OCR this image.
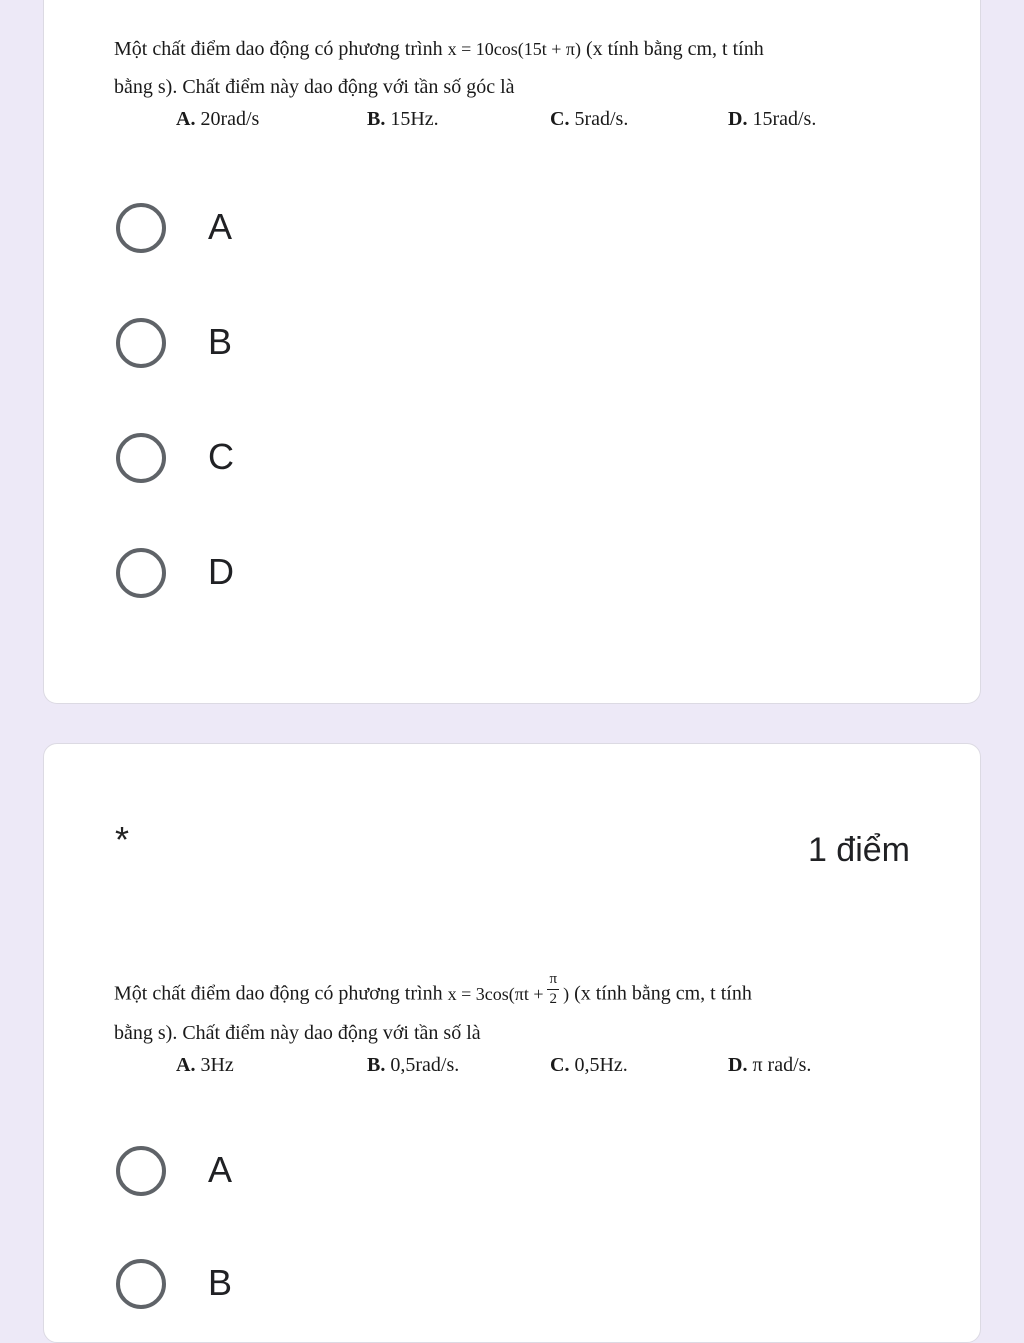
Một chất điểm dao động có phương trình x = 10cos(15t + π) (x tính bằng cm, t tính
bằng s). Chất điểm này dao động với tần số góc là
A. 20rad/s	B. 15Hz.	C. 5rad/s.	D. 15rad/s.
A
B
C
D
*	1 điểm
Một chất điểm dao động có phương trình $x = 3\cos(\pi t + \frac{\pi}{2}$ ) (x tính bằng cm, t tính
bằng s). Chất điểm này dao động với tần số là
A. 3Hz	B. 0,5rad/s.	C. 0,5Hz.	D. π rad/s.
A
B
